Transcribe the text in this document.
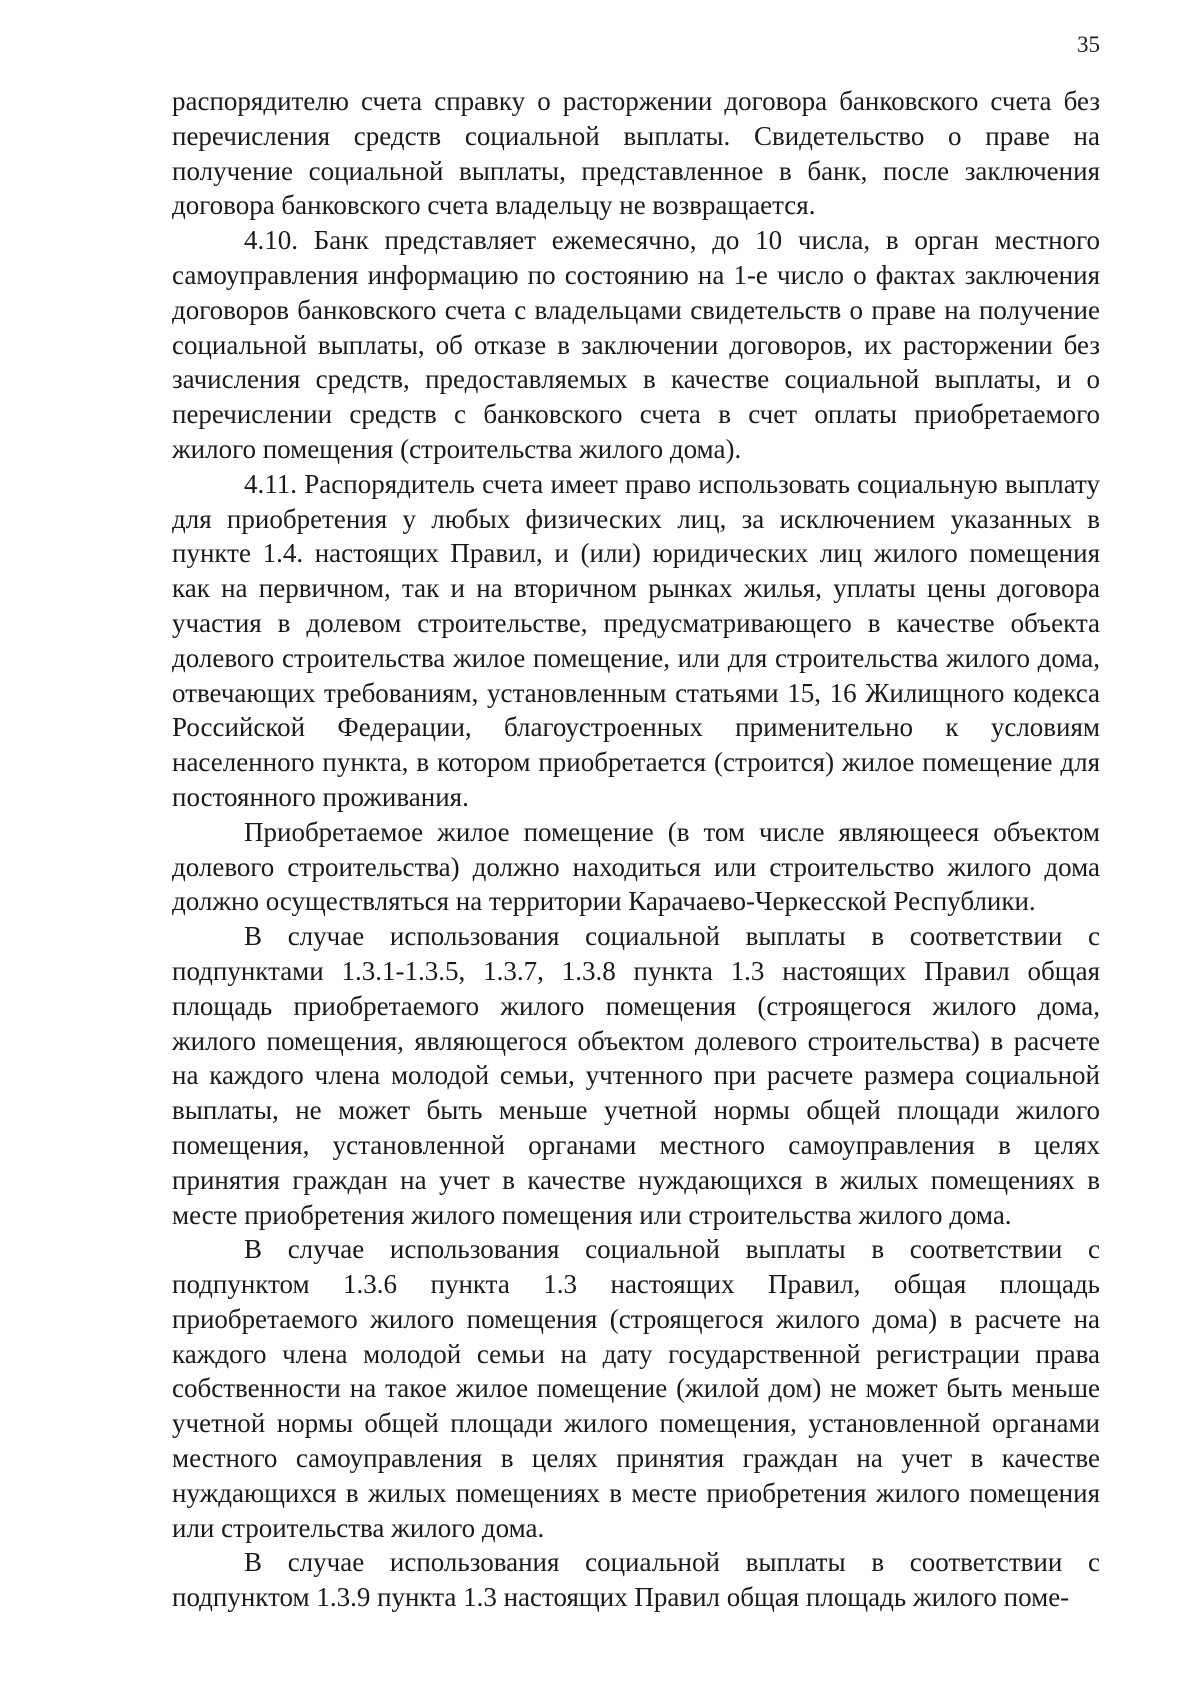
35

распорядителю счета справку о расторжении договора банковского счета без перечисления средств социальной выплаты. Свидетельство о праве на получение социальной выплаты, представленное в банк, после заключения договора банковского счета владельцу не возвращается.

4.10. Банк представляет ежемесячно, до 10 числа, в орган местного самоуправления информацию по состоянию на 1-е число о фактах заключения договоров банковского счета с владельцами свидетельств о праве на получение социальной выплаты, об отказе в заключении договоров, их расторжении без зачисления средств, предоставляемых в качестве социальной выплаты, и о перечислении средств с банковского счета в счет оплаты приобретаемого жилого помещения (строительства жилого дома).

4.11. Распорядитель счета имеет право использовать социальную выплату для приобретения у любых физических лиц, за исключением указанных в пункте 1.4. настоящих Правил, и (или) юридических лиц жилого помещения как на первичном, так и на вторичном рынках жилья, уплаты цены договора участия в долевом строительстве, предусматривающего в качестве объекта долевого строительства жилое помещение, или для строительства жилого дома, отвечающих требованиям, установленным статьями 15, 16 Жилищного кодекса Российской Федерации, благоустроенных применительно к условиям населенного пункта, в котором приобретается (строится) жилое помещение для постоянного проживания.

Приобретаемое жилое помещение (в том числе являющееся объектом долевого строительства) должно находиться или строительство жилого дома должно осуществляться на территории Карачаево-Черкесской Республики.

В случае использования социальной выплаты в соответствии с подпунктами 1.3.1-1.3.5, 1.3.7, 1.3.8 пункта 1.3 настоящих Правил общая площадь приобретаемого жилого помещения (строящегося жилого дома, жилого помещения, являющегося объектом долевого строительства) в расчете на каждого члена молодой семьи, учтенного при расчете размера социальной выплаты, не может быть меньше учетной нормы общей площади жилого помещения, установленной органами местного самоуправления в целях принятия граждан на учет в качестве нуждающихся в жилых помещениях в месте приобретения жилого помещения или строительства жилого дома.

В случае использования социальной выплаты в соответствии с подпунктом 1.3.6 пункта 1.3 настоящих Правил, общая площадь приобретаемого жилого помещения (строящегося жилого дома) в расчете на каждого члена молодой семьи на дату государственной регистрации права собственности на такое жилое помещение (жилой дом) не может быть меньше учетной нормы общей площади жилого помещения, установленной органами местного самоуправления в целях принятия граждан на учет в качестве нуждающихся в жилых помещениях в месте приобретения жилого помещения или строительства жилого дома.

В случае использования социальной выплаты в соответствии с подпунктом 1.3.9 пункта 1.3 настоящих Правил общая площадь жилого поме-
